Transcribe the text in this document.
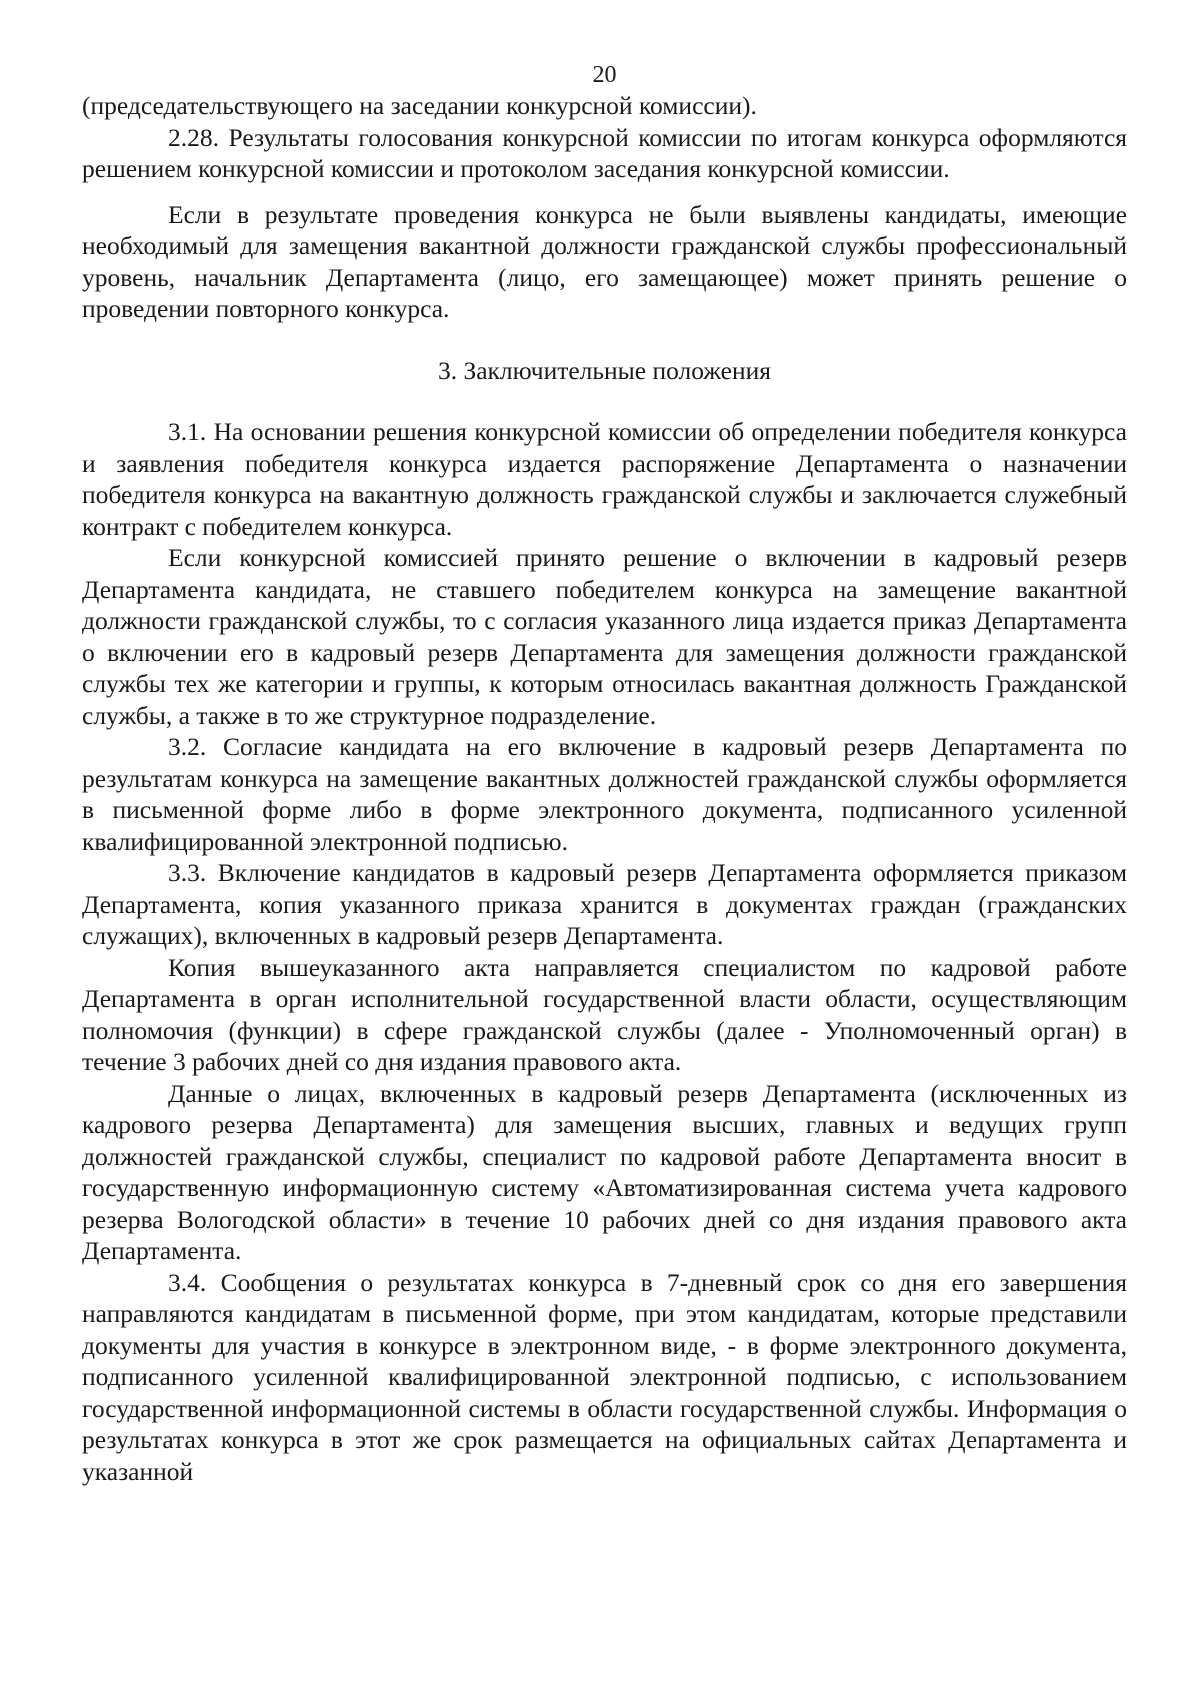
20

(председательствующего на заседании конкурсной комиссии).

2.28. Результаты голосования конкурсной комиссии по итогам конкурса оформляются решением конкурсной комиссии и протоколом заседания конкурсной комиссии.

Если в результате проведения конкурса не были выявлены кандидаты, имеющие необходимый для замещения вакантной должности гражданской службы профессиональный уровень, начальник Департамента (лицо, его замещающее) может принять решение о проведении повторного конкурса.

3. Заключительные положения

3.1. На основании решения конкурсной комиссии об определении победителя конкурса и заявления победителя конкурса издается распоряжение Департамента о назначении победителя конкурса на вакантную должность гражданской службы и заключается служебный контракт с победителем конкурса.

Если конкурсной комиссией принято решение о включении в кадровый резерв Департамента кандидата, не ставшего победителем конкурса на замещение вакантной должности гражданской службы, то с согласия указанного лица издается приказ Департамента о включении его в кадровый резерв Департамента для замещения должности гражданской службы тех же категории и группы, к которым относилась вакантная должность Гражданской службы, а также в то же структурное подразделение.

3.2. Согласие кандидата на его включение в кадровый резерв Департамента по результатам конкурса на замещение вакантных должностей гражданской службы оформляется в письменной форме либо в форме электронного документа, подписанного усиленной квалифицированной электронной подписью.

3.3. Включение кандидатов в кадровый резерв Департамента оформляется приказом Департамента, копия указанного приказа хранится в документах граждан (гражданских служащих), включенных в кадровый резерв Департамента.

Копия вышеуказанного акта направляется специалистом по кадровой работе Департамента в орган исполнительной государственной власти области, осуществляющим полномочия (функции) в сфере гражданской службы (далее - Уполномоченный орган) в течение 3 рабочих дней со дня издания правового акта.

Данные о лицах, включенных в кадровый резерв Департамента (исключенных из кадрового резерва Департамента) для замещения высших, главных и ведущих групп должностей гражданской службы, специалист по кадровой работе Департамента вносит в государственную информационную систему «Автоматизированная система учета кадрового резерва Вологодской области» в течение 10 рабочих дней со дня издания правового акта Департамента.

3.4. Сообщения о результатах конкурса в 7-дневный срок со дня его завершения направляются кандидатам в письменной форме, при этом кандидатам, которые представили документы для участия в конкурсе в электронном виде, - в форме электронного документа, подписанного усиленной квалифицированной электронной подписью, с использованием государственной информационной системы в области государственной службы. Информация о результатах конкурса в этот же срок размещается на официальных сайтах Департамента и указанной
